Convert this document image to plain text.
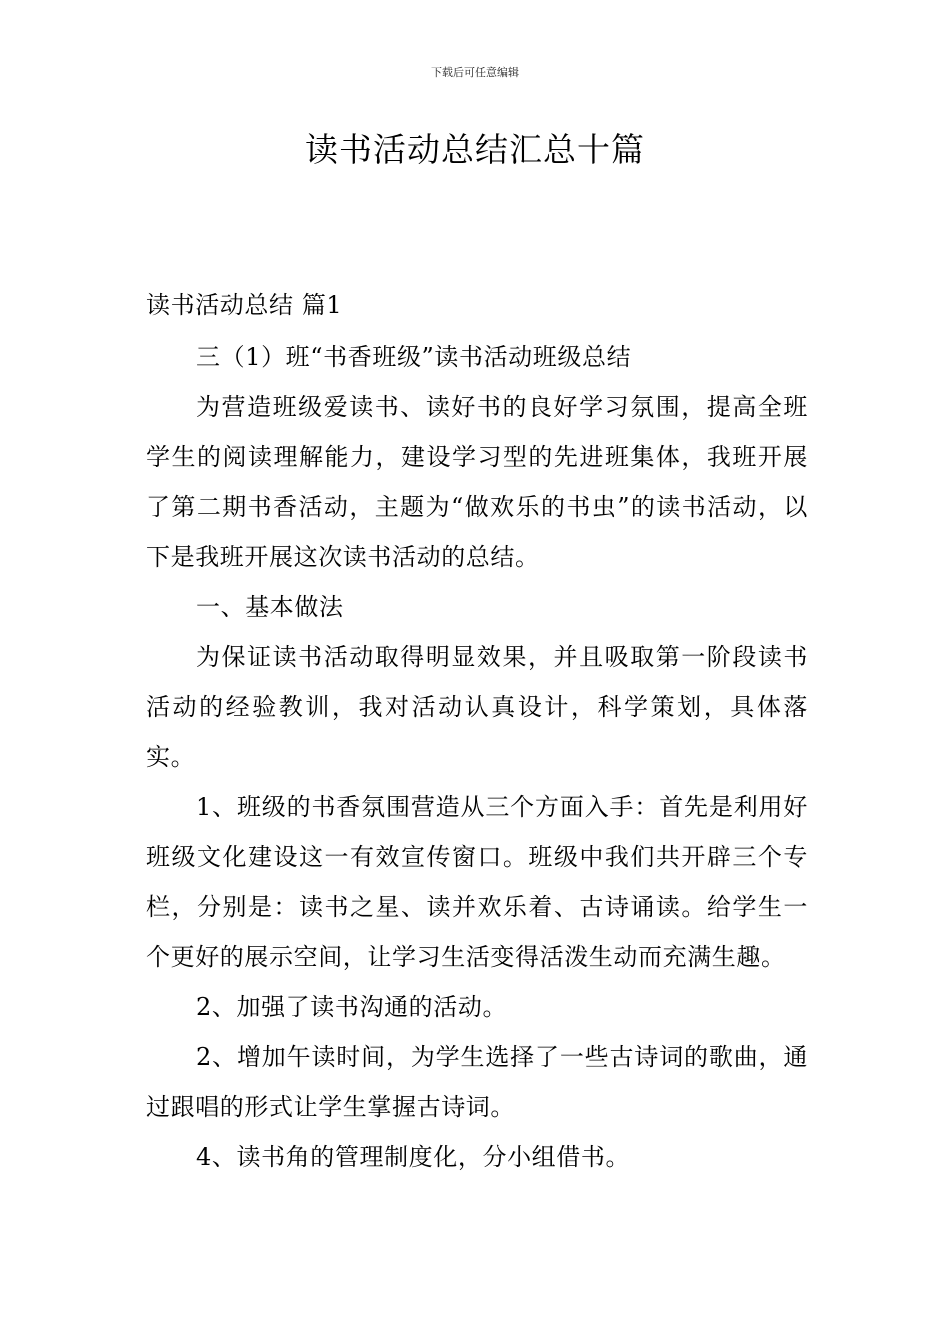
下载后可任意编辑
读书活动总结汇总十篇

读书活动总结 篇1

三（1）班“书香班级”读书活动班级总结

为营造班级爱读书、读好书的良好学习氛围，提高全班学生的阅读理解能力，建设学习型的先进班集体，我班开展了第二期书香活动，主题为“做欢乐的书虫”的读书活动，以下是我班开展这次读书活动的总结。

一、基本做法

为保证读书活动取得明显效果，并且吸取第一阶段读书活动的经验教训，我对活动认真设计，科学策划，具体落实。

1、班级的书香氛围营造从三个方面入手：首先是利用好班级文化建设这一有效宣传窗口。班级中我们共开辟三个专栏，分别是：读书之星、读并欢乐着、古诗诵读。给学生一个更好的展示空间，让学习生活变得活泼生动而充满生趣。

2、加强了读书沟通的活动。

2、增加午读时间，为学生选择了一些古诗词的歌曲，通过跟唱的形式让学生掌握古诗词。

4、读书角的管理制度化，分小组借书。
